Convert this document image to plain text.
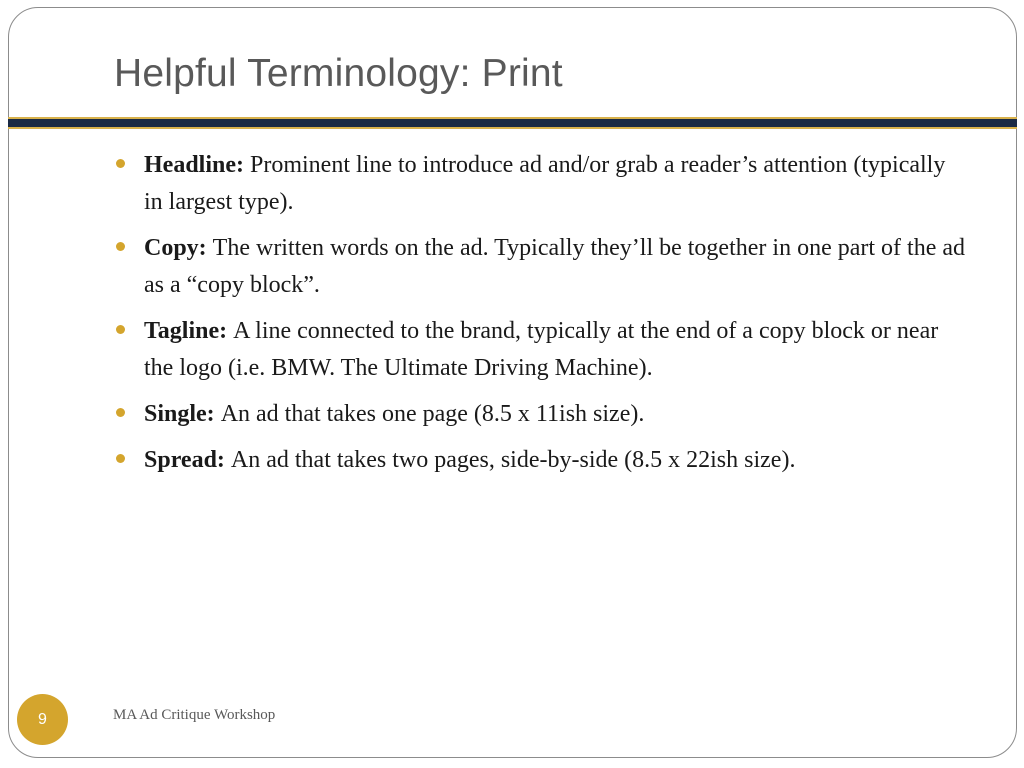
Helpful Terminology: Print
Headline: Prominent line to introduce ad and/or grab a reader’s attention (typically in largest type).
Copy: The written words on the ad. Typically they’ll be together in one part of the ad as a “copy block”.
Tagline: A line connected to the brand, typically at the end of a copy block or near the logo (i.e. BMW. The Ultimate Driving Machine).
Single: An ad that takes one page (8.5 x 11ish size).
Spread: An ad that takes two pages, side-by-side (8.5 x 22ish size).
9	MA Ad Critique Workshop
